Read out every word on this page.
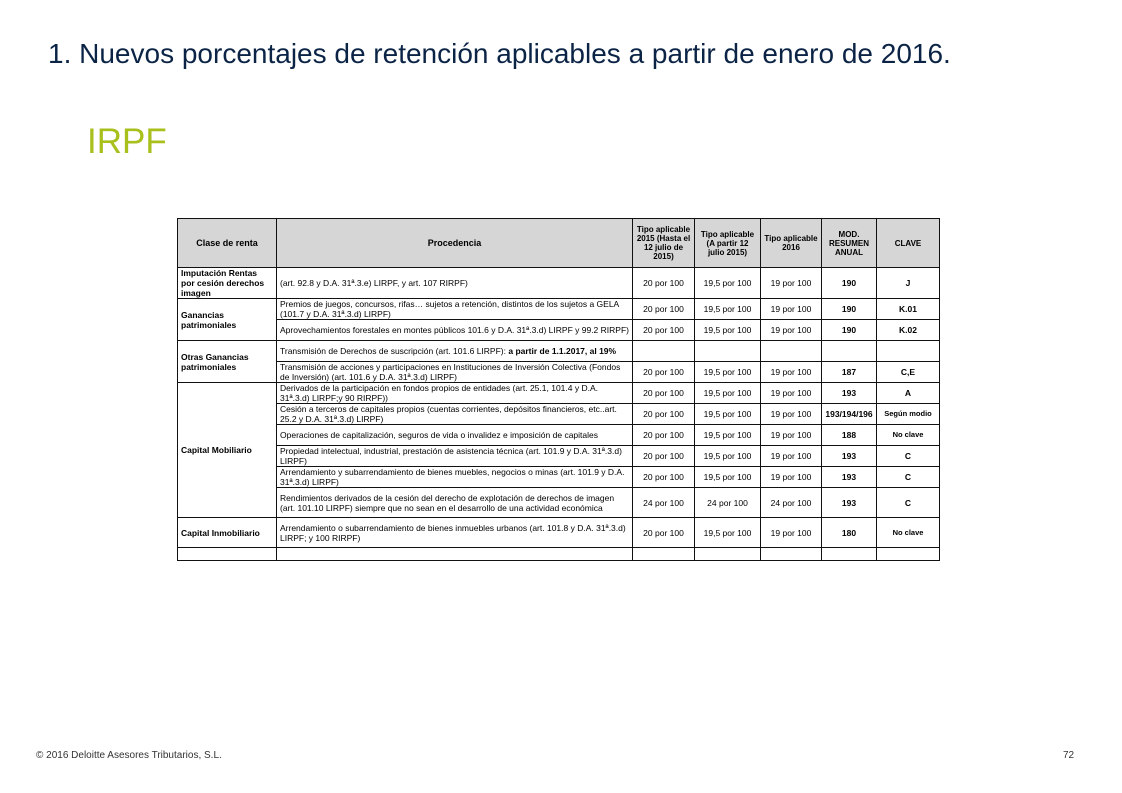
1. Nuevos porcentajes de retención aplicables a partir de enero de 2016.
IRPF
Clase de renta	Procedencia	Tipo aplicable 2015 (Hasta el 12 julio de 2015)	Tipo aplicable (A partir 12 julio 2015)	Tipo aplicable 2016	MOD. RESUMEN ANUAL	CLAVE
Imputación Rentas por cesión derechos imagen	(art. 92.8 y D.A. 31ª.3.e) LIRPF, y art. 107 RIRPF)	20 por 100	19,5 por 100	19 por 100	190	J
Ganancias patrimoniales	Premios de juegos, concursos, rifas… sujetos a retención, distintos de los sujetos a GELA (101.7 y D.A. 31ª.3.d) LIRPF)	20 por 100	19,5 por 100	19 por 100	190	K.01
	Aprovechamientos forestales en montes públicos 101.6 y D.A. 31ª.3.d) LIRPF y 99.2 RIRPF)	20 por 100	19,5 por 100	19 por 100	190	K.02
Otras Ganancias patrimoniales	Transmisión de Derechos de suscripción (art. 101.6 LIRPF): a partir de 1.1.2017, al 19%					
	Transmisión de acciones y participaciones en Instituciones de Inversión Colectiva (Fondos de Inversión) (art. 101.6 y D.A. 31ª.3.d) LIRPF)	20 por 100	19,5 por 100	19 por 100	187	C,E
Capital Mobiliario	Derivados de la participación en fondos propios de entidades (art. 25.1, 101.4 y D.A. 31ª.3.d) LIRPF;y 90 RIRPF))	20 por 100	19,5 por 100	19 por 100	193	A
	Cesión a terceros de capitales propios (cuentas corrientes, depósitos financieros, etc..art. 25.2 y D.A. 31ª.3.d) LIRPF)	20 por 100	19,5 por 100	19 por 100	193/194/196	Según modio
	Operaciones de capitalización, seguros de vida o invalidez e imposición de capitales	20 por 100	19,5 por 100	19 por 100	188	No clave
	Propiedad intelectual, industrial, prestación de asistencia técnica (art. 101.9 y D.A. 31ª.3.d) LIRPF)	20 por 100	19,5 por 100	19 por 100	193	C
	Arrendamiento y subarrendamiento de bienes muebles, negocios o minas (art. 101.9 y D.A. 31ª.3.d) LIRPF)	20 por 100	19,5 por 100	19 por 100	193	C
	Rendimientos derivados de la cesión del derecho de explotación de derechos de imagen (art. 101.10 LIRPF) siempre que no sean en el desarrollo de una actividad económica	24 por 100	24 por 100	24 por 100	193	C
Capital Inmobiliario	Arrendamiento o subarrendamiento de bienes inmuebles urbanos (art. 101.8 y D.A. 31ª.3.d) LIRPF; y 100 RIRPF)	20 por 100	19,5 por 100	19 por 100	180	No clave

© 2016 Deloitte Asesores Tributarios, S.L.	72
